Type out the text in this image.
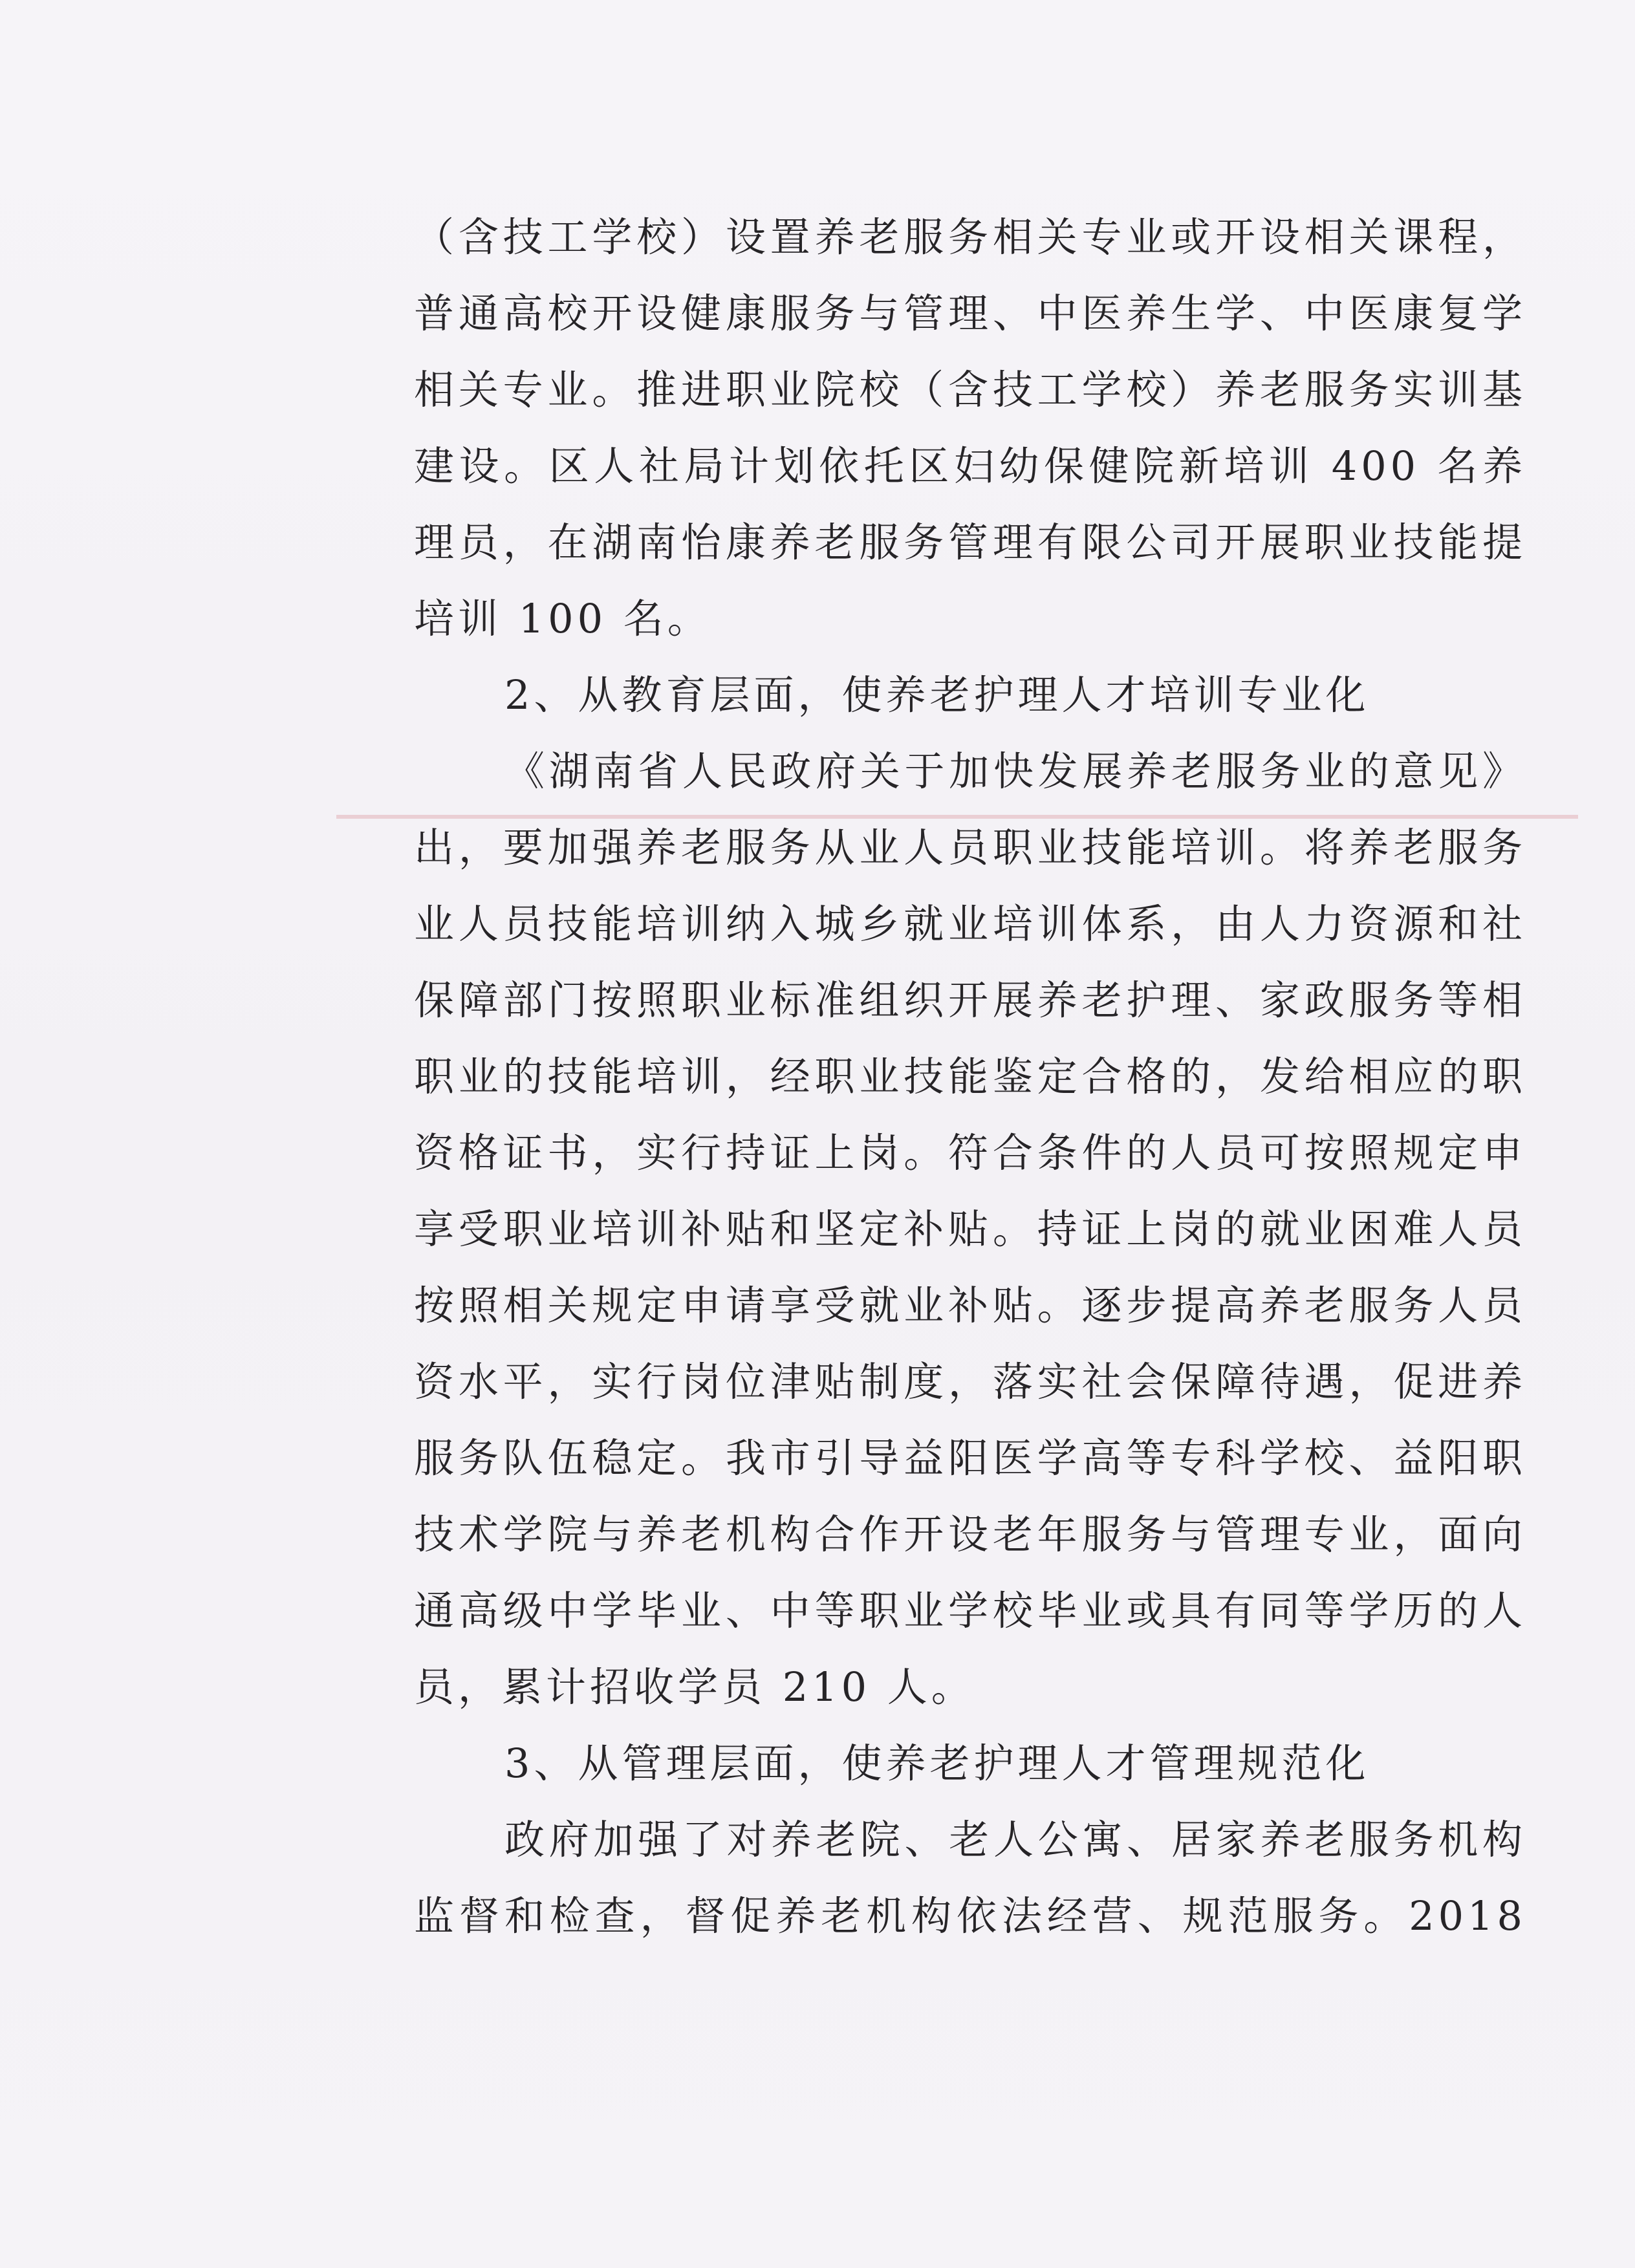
（含技工学校）设置养老服务相关专业或开设相关课程，
普通高校开设健康服务与管理、中医养生学、中医康复学
相关专业。推进职业院校（含技工学校）养老服务实训基
建设。区人社局计划依托区妇幼保健院新培训 400 名养
理员，在湖南怡康养老服务管理有限公司开展职业技能提
培训 100 名。
2、从教育层面，使养老护理人才培训专业化
《湖南省人民政府关于加快发展养老服务业的意见》
出，要加强养老服务从业人员职业技能培训。将养老服务
业人员技能培训纳入城乡就业培训体系，由人力资源和社
保障部门按照职业标准组织开展养老护理、家政服务等相
职业的技能培训，经职业技能鉴定合格的，发给相应的职
资格证书，实行持证上岗。符合条件的人员可按照规定申
享受职业培训补贴和坚定补贴。持证上岗的就业困难人员
按照相关规定申请享受就业补贴。逐步提高养老服务人员
资水平，实行岗位津贴制度，落实社会保障待遇，促进养
服务队伍稳定。我市引导益阳医学高等专科学校、益阳职
技术学院与养老机构合作开设老年服务与管理专业，面向
通高级中学毕业、中等职业学校毕业或具有同等学历的人
员，累计招收学员 210 人。
3、从管理层面，使养老护理人才管理规范化
政府加强了对养老院、老人公寓、居家养老服务机构
监督和检查，督促养老机构依法经营、规范服务。2018
